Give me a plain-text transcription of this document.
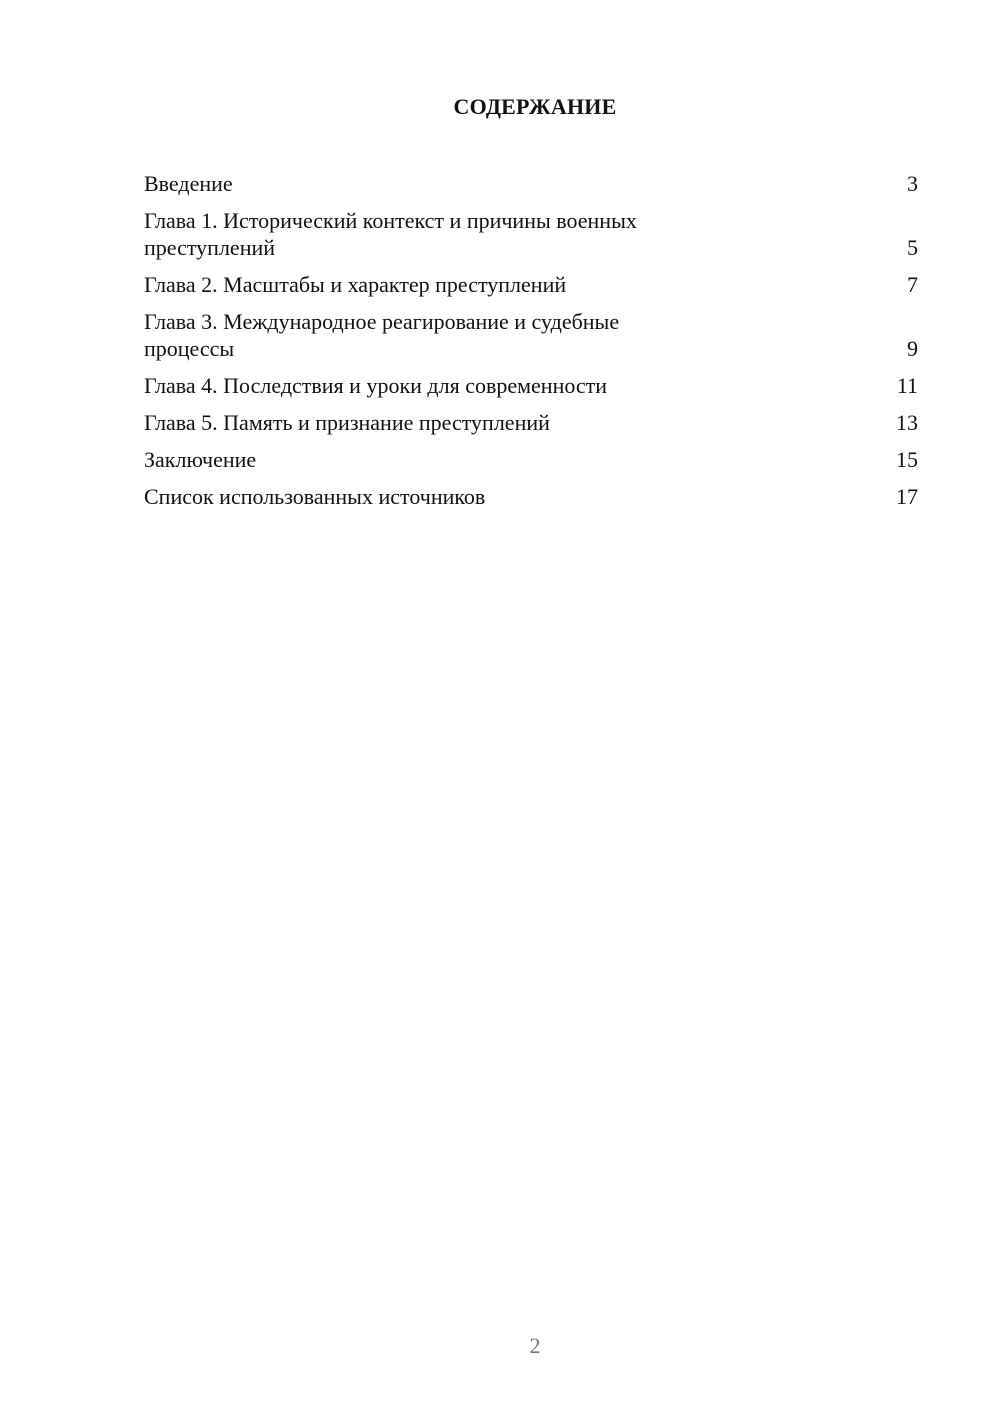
СОДЕРЖАНИЕ
Введение	3
Глава 1. Исторический контекст и причины военных преступлений	5
Глава 2. Масштабы и характер преступлений	7
Глава 3. Международное реагирование и судебные процессы	9
Глава 4. Последствия и уроки для современности	11
Глава 5. Память и признание преступлений	13
Заключение	15
Список использованных источников	17
2
